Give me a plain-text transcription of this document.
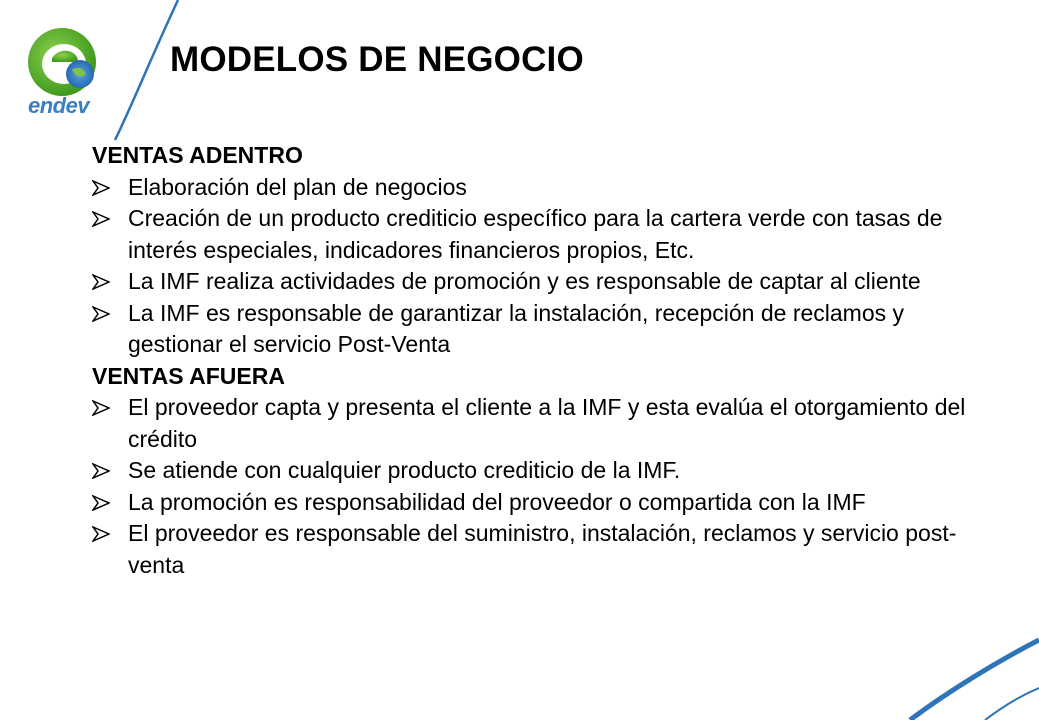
endev
MODELOS DE NEGOCIO

VENTAS ADENTRO

Elaboración del plan de negocios
Creación de un producto crediticio específico para la cartera verde con tasas de interés especiales, indicadores financieros propios, Etc.
La IMF realiza actividades de promoción y es responsable de captar al cliente
La IMF es responsable de garantizar la instalación, recepción de reclamos y gestionar el servicio Post-Venta

VENTAS AFUERA

El proveedor capta y presenta el cliente a la IMF y esta evalúa el otorgamiento del crédito
Se atiende con cualquier producto crediticio de la IMF.
La promoción es responsabilidad del proveedor o compartida con la IMF
El proveedor es responsable del suministro, instalación, reclamos y servicio post-venta
